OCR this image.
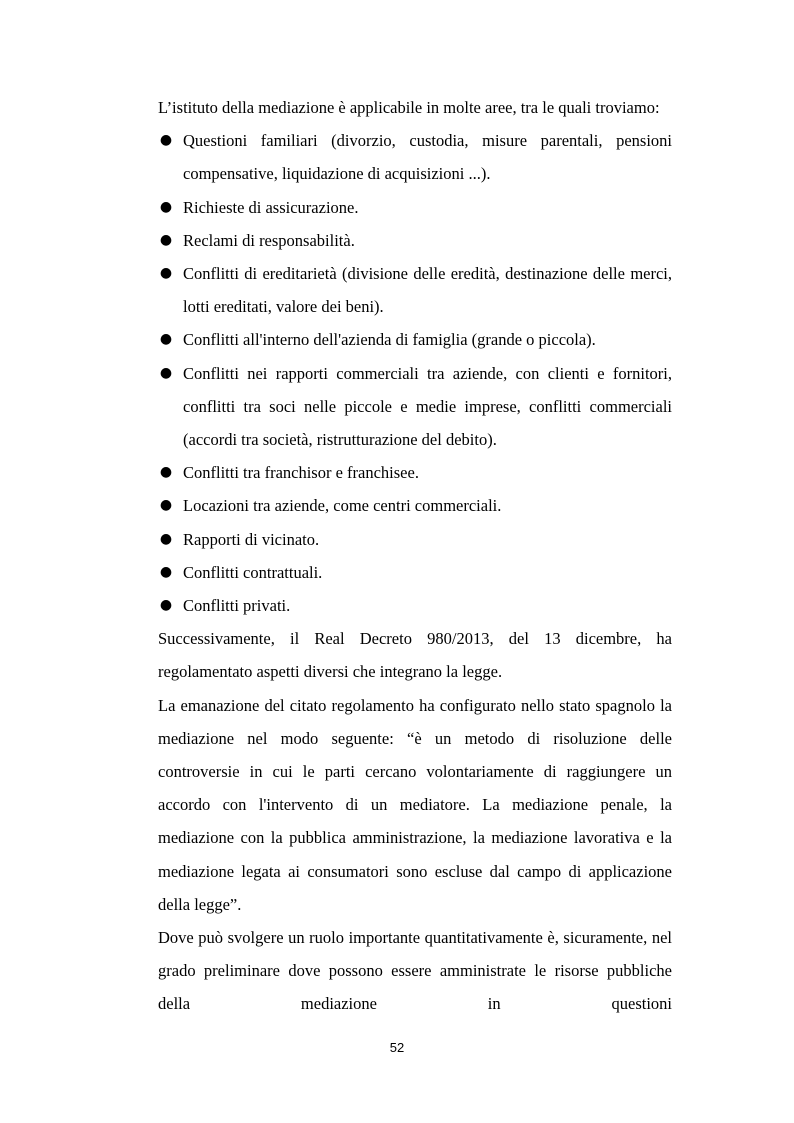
L’istituto della mediazione è applicabile in molte aree, tra le quali troviamo:

● Questioni familiari (divorzio, custodia, misure parentali, pensioni compensative, liquidazione di acquisizioni ...).
● Richieste di assicurazione.
● Reclami di responsabilità.
● Conflitti di ereditarietà (divisione delle eredità, destinazione delle merci, lotti ereditati, valore dei beni).
● Conflitti all'interno dell'azienda di famiglia (grande o piccola).
● Conflitti nei rapporti commerciali tra aziende, con clienti e fornitori, conflitti tra soci nelle piccole e medie imprese, conflitti commerciali (accordi tra società, ristrutturazione del debito).
● Conflitti tra franchisor e franchisee.
● Locazioni tra aziende, come centri commerciali.
● Rapporti di vicinato.
● Conflitti contrattuali.
● Conflitti privati.

Successivamente, il Real Decreto 980/2013, del 13 dicembre, ha regolamentato aspetti diversi che integrano la legge.

La emanazione del citato regolamento ha configurato nello stato spagnolo la mediazione nel modo seguente: “è un metodo di risoluzione delle controversie in cui le parti cercano volontariamente di raggiungere un accordo con l'intervento di un mediatore. La mediazione penale, la mediazione con la pubblica amministrazione, la mediazione lavorativa e la mediazione legata ai consumatori sono escluse dal campo di applicazione della legge”.

Dove può svolgere un ruolo importante quantitativamente è, sicuramente, nel grado preliminare dove possono essere amministrate le risorse pubbliche della mediazione in questioni

52
